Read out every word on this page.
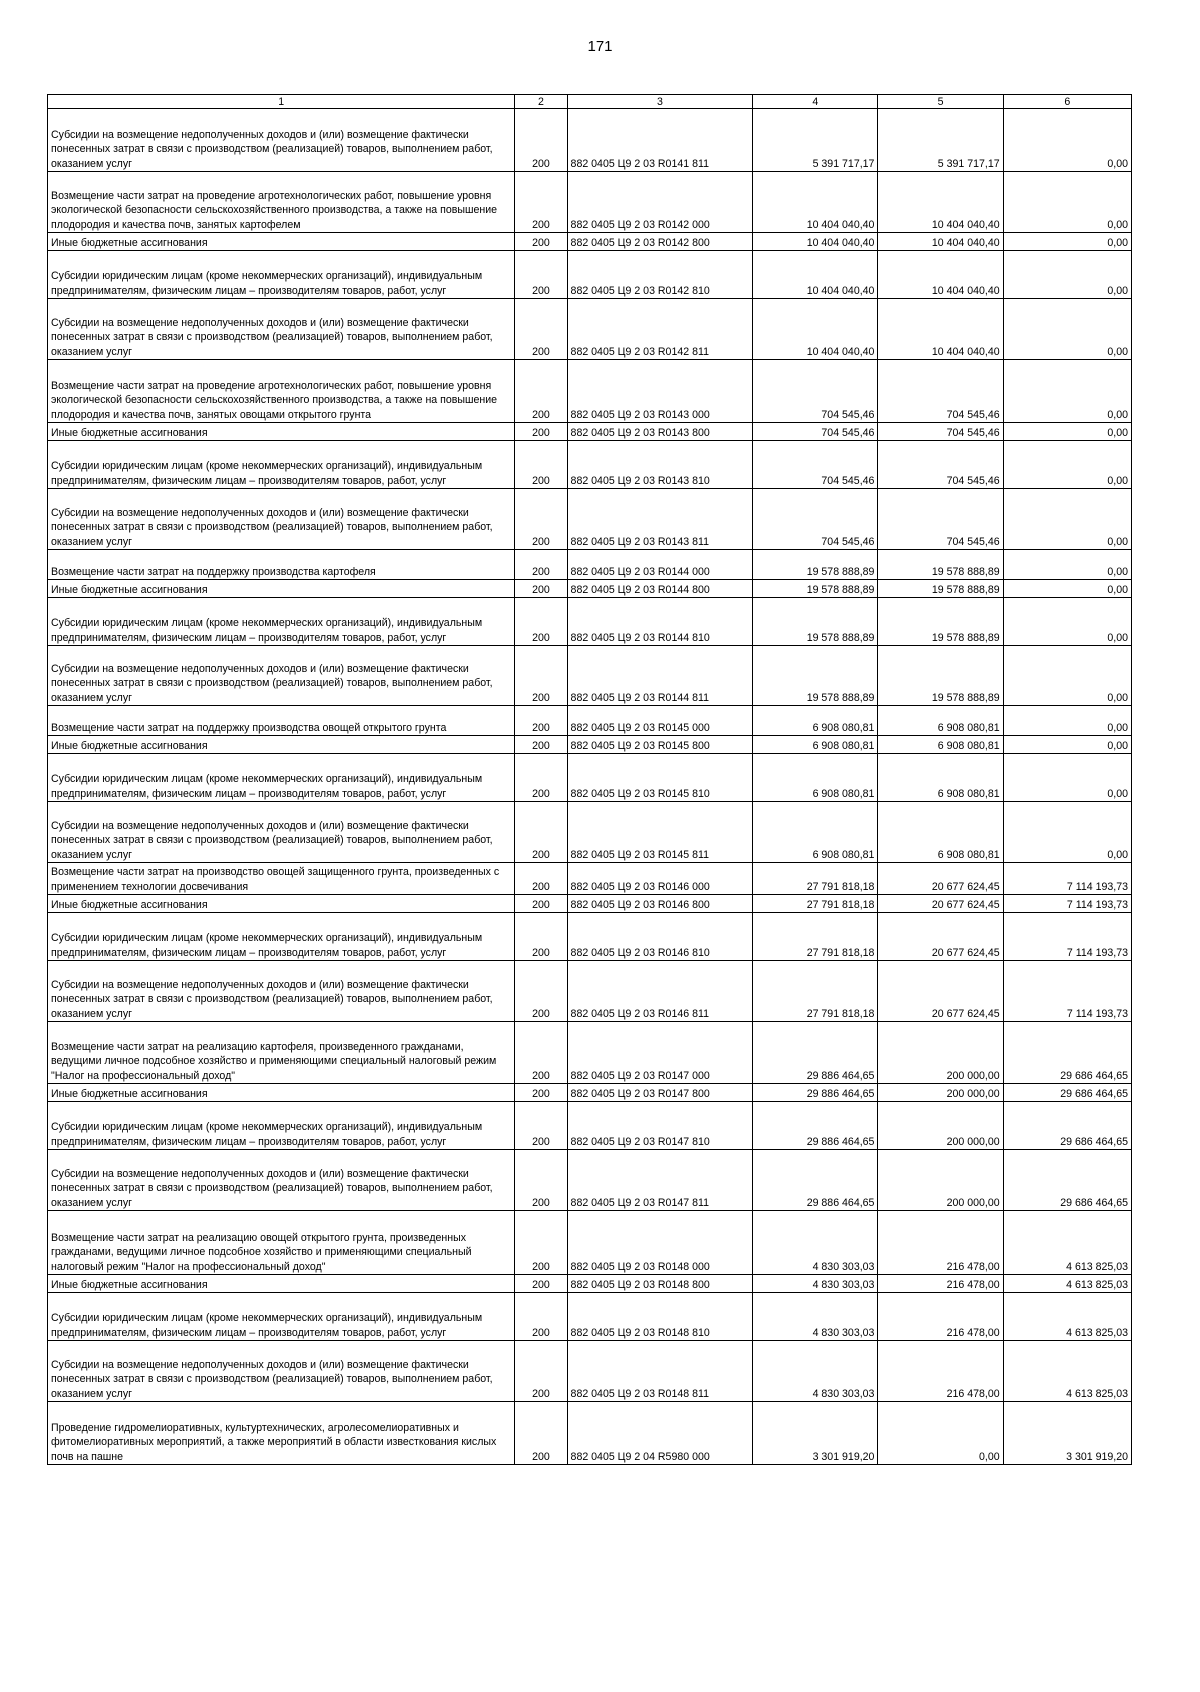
171
1	2	3	4	5	6
Субсидии на возмещение недополученных доходов и (или) возмещение фактически понесенных затрат в связи с производством (реализацией) товаров, выполнением работ, оказанием услуг	200	882 0405 Ц9 2 03 R0141 811	5 391 717,17	5 391 717,17	0,00
Возмещение части затрат на проведение агротехнологических работ, повышение уровня экологической безопасности сельскохозяйственного производства, а также на повышение плодородия и качества почв, занятых картофелем	200	882 0405 Ц9 2 03 R0142 000	10 404 040,40	10 404 040,40	0,00
Иные бюджетные ассигнования	200	882 0405 Ц9 2 03 R0142 800	10 404 040,40	10 404 040,40	0,00
Субсидии юридическим лицам (кроме некоммерческих организаций), индивидуальным предпринимателям, физическим лицам – производителям товаров, работ, услуг	200	882 0405 Ц9 2 03 R0142 810	10 404 040,40	10 404 040,40	0,00
Субсидии на возмещение недополученных доходов и (или) возмещение фактически понесенных затрат в связи с производством (реализацией) товаров, выполнением работ, оказанием услуг	200	882 0405 Ц9 2 03 R0142 811	10 404 040,40	10 404 040,40	0,00
Возмещение части затрат на проведение агротехнологических работ, повышение уровня экологической безопасности сельскохозяйственного производства, а также на повышение плодородия и качества почв, занятых овощами открытого грунта	200	882 0405 Ц9 2 03 R0143 000	704 545,46	704 545,46	0,00
Иные бюджетные ассигнования	200	882 0405 Ц9 2 03 R0143 800	704 545,46	704 545,46	0,00
Субсидии юридическим лицам (кроме некоммерческих организаций), индивидуальным предпринимателям, физическим лицам – производителям товаров, работ, услуг	200	882 0405 Ц9 2 03 R0143 810	704 545,46	704 545,46	0,00
Субсидии на возмещение недополученных доходов и (или) возмещение фактически понесенных затрат в связи с производством (реализацией) товаров, выполнением работ, оказанием услуг	200	882 0405 Ц9 2 03 R0143 811	704 545,46	704 545,46	0,00
Возмещение части затрат на поддержку производства картофеля	200	882 0405 Ц9 2 03 R0144 000	19 578 888,89	19 578 888,89	0,00
Иные бюджетные ассигнования	200	882 0405 Ц9 2 03 R0144 800	19 578 888,89	19 578 888,89	0,00
Субсидии юридическим лицам (кроме некоммерческих организаций), индивидуальным предпринимателям, физическим лицам – производителям товаров, работ, услуг	200	882 0405 Ц9 2 03 R0144 810	19 578 888,89	19 578 888,89	0,00
Субсидии на возмещение недополученных доходов и (или) возмещение фактически понесенных затрат в связи с производством (реализацией) товаров, выполнением работ, оказанием услуг	200	882 0405 Ц9 2 03 R0144 811	19 578 888,89	19 578 888,89	0,00
Возмещение части затрат на поддержку производства овощей открытого грунта	200	882 0405 Ц9 2 03 R0145 000	6 908 080,81	6 908 080,81	0,00
Иные бюджетные ассигнования	200	882 0405 Ц9 2 03 R0145 800	6 908 080,81	6 908 080,81	0,00
Субсидии юридическим лицам (кроме некоммерческих организаций), индивидуальным предпринимателям, физическим лицам – производителям товаров, работ, услуг	200	882 0405 Ц9 2 03 R0145 810	6 908 080,81	6 908 080,81	0,00
Субсидии на возмещение недополученных доходов и (или) возмещение фактически понесенных затрат в связи с производством (реализацией) товаров, выполнением работ, оказанием услуг	200	882 0405 Ц9 2 03 R0145 811	6 908 080,81	6 908 080,81	0,00
Возмещение части затрат на производство овощей защищенного грунта, произведенных с применением технологии досвечивания	200	882 0405 Ц9 2 03 R0146 000	27 791 818,18	20 677 624,45	7 114 193,73
Иные бюджетные ассигнования	200	882 0405 Ц9 2 03 R0146 800	27 791 818,18	20 677 624,45	7 114 193,73
Субсидии юридическим лицам (кроме некоммерческих организаций), индивидуальным предпринимателям, физическим лицам – производителям товаров, работ, услуг	200	882 0405 Ц9 2 03 R0146 810	27 791 818,18	20 677 624,45	7 114 193,73
Субсидии на возмещение недополученных доходов и (или) возмещение фактически понесенных затрат в связи с производством (реализацией) товаров, выполнением работ, оказанием услуг	200	882 0405 Ц9 2 03 R0146 811	27 791 818,18	20 677 624,45	7 114 193,73
Возмещение части затрат на реализацию картофеля, произведенного гражданами, ведущими личное подсобное хозяйство и применяющими специальный налоговый режим "Налог на профессиональный доход"	200	882 0405 Ц9 2 03 R0147 000	29 886 464,65	200 000,00	29 686 464,65
Иные бюджетные ассигнования	200	882 0405 Ц9 2 03 R0147 800	29 886 464,65	200 000,00	29 686 464,65
Субсидии юридическим лицам (кроме некоммерческих организаций), индивидуальным предпринимателям, физическим лицам – производителям товаров, работ, услуг	200	882 0405 Ц9 2 03 R0147 810	29 886 464,65	200 000,00	29 686 464,65
Субсидии на возмещение недополученных доходов и (или) возмещение фактически понесенных затрат в связи с производством (реализацией) товаров, выполнением работ, оказанием услуг	200	882 0405 Ц9 2 03 R0147 811	29 886 464,65	200 000,00	29 686 464,65
Возмещение части затрат на реализацию овощей открытого грунта, произведенных гражданами, ведущими личное подсобное хозяйство и применяющими специальный налоговый режим "Налог на профессиональный доход"	200	882 0405 Ц9 2 03 R0148 000	4 830 303,03	216 478,00	4 613 825,03
Иные бюджетные ассигнования	200	882 0405 Ц9 2 03 R0148 800	4 830 303,03	216 478,00	4 613 825,03
Субсидии юридическим лицам (кроме некоммерческих организаций), индивидуальным предпринимателям, физическим лицам – производителям товаров, работ, услуг	200	882 0405 Ц9 2 03 R0148 810	4 830 303,03	216 478,00	4 613 825,03
Субсидии на возмещение недополученных доходов и (или) возмещение фактически понесенных затрат в связи с производством (реализацией) товаров, выполнением работ, оказанием услуг	200	882 0405 Ц9 2 03 R0148 811	4 830 303,03	216 478,00	4 613 825,03
Проведение гидромелиоративных, культуртехнических, агролесомелиоративных и фитомелиоративных мероприятий, а также мероприятий в области известкования кислых почв на пашне	200	882 0405 Ц9 2 04 R5980 000	3 301 919,20	0,00	3 301 919,20
